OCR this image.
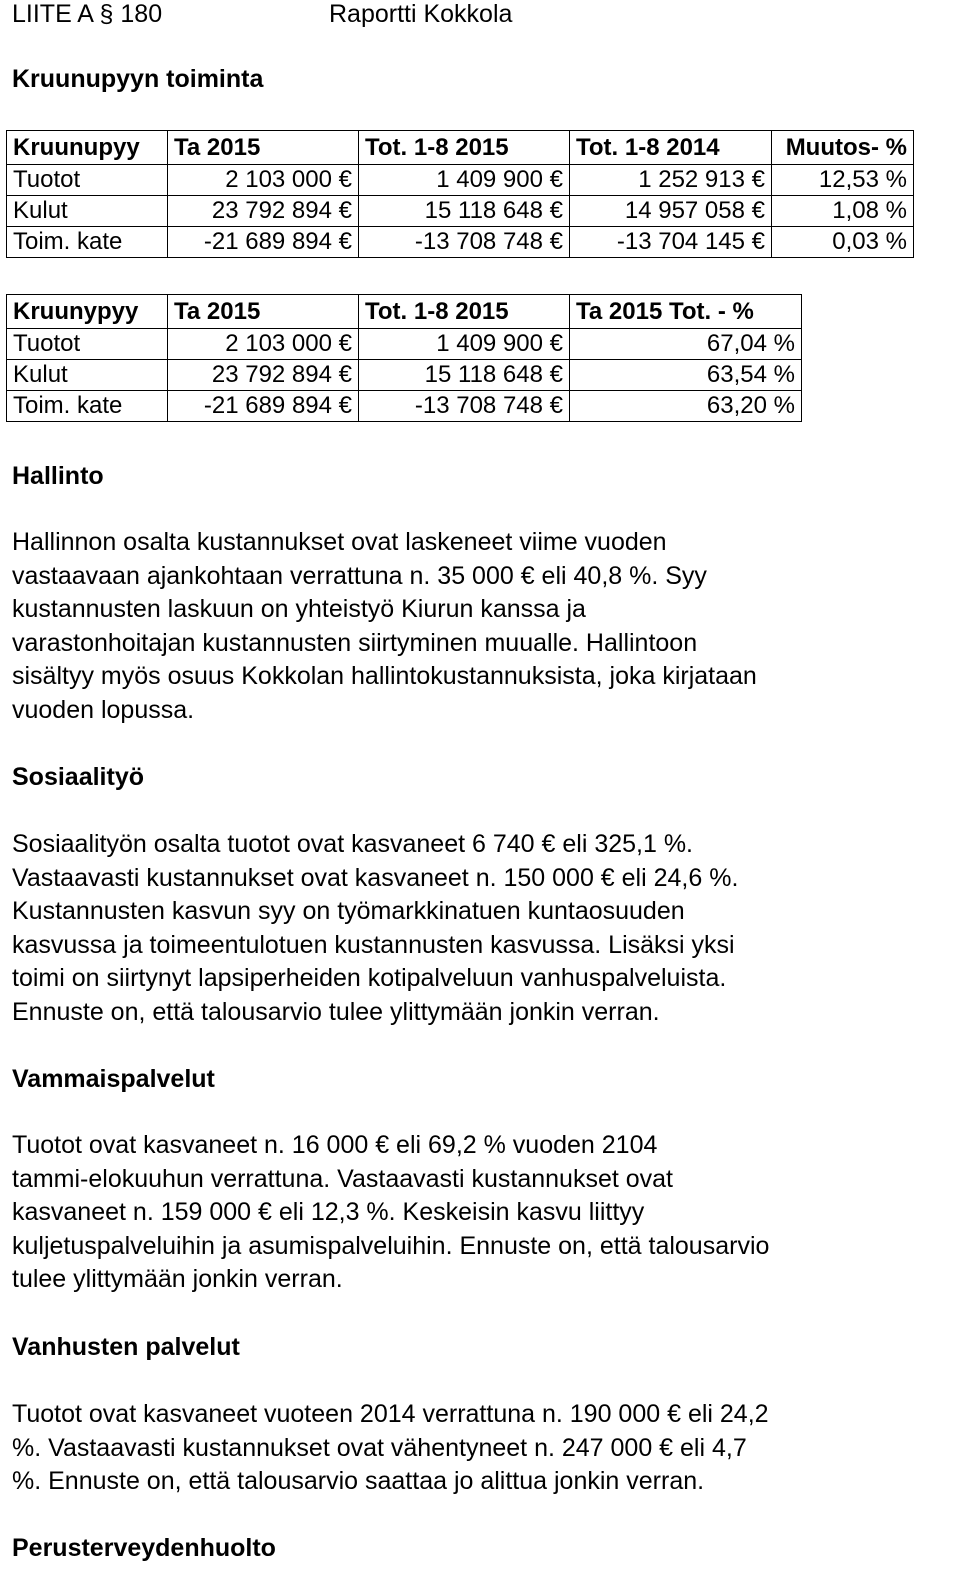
LIITE A § 180	Raportti Kokkola
Kruunupyyn toiminta
Kruunupyy	Ta 2015	Tot. 1-8 2015	Tot. 1-8 2014	Muutos- %
Tuotot	2 103 000 €	1 409 900 €	1 252 913 €	12,53 %
Kulut	23 792 894 €	15 118 648 €	14 957 058 €	1,08 %
Toim. kate	-21 689 894 €	-13 708 748 €	-13 704 145 €	0,03 %
Kruunypyy	Ta 2015	Tot. 1-8 2015	Ta 2015 Tot. - %
Tuotot	2 103 000 €	1 409 900 €	67,04 %
Kulut	23 792 894 €	15 118 648 €	63,54 %
Toim. kate	-21 689 894 €	-13 708 748 €	63,20 %
Hallinto

Hallinnon osalta kustannukset ovat laskeneet viime vuoden

vastaavaan ajankohtaan verrattuna n. 35 000 € eli 40,8 %. Syy

kustannusten laskuun on yhteistyö Kiurun kanssa ja

varastonhoitajan kustannusten siirtyminen muualle. Hallintoon

sisältyy myös osuus Kokkolan hallintokustannuksista, joka kirjataan

vuoden lopussa.

Sosiaalityö

Sosiaalityön osalta tuotot ovat kasvaneet 6 740 € eli 325,1 %.

Vastaavasti kustannukset ovat kasvaneet n. 150 000 € eli 24,6 %.

Kustannusten kasvun syy on työmarkkinatuen kuntaosuuden

kasvussa ja toimeentulotuen kustannusten kasvussa. Lisäksi yksi

toimi on siirtynyt lapsiperheiden kotipalveluun vanhuspalveluista.

Ennuste on, että talousarvio tulee ylittymään jonkin verran.

Vammaispalvelut

Tuotot ovat kasvaneet n. 16 000 € eli 69,2 % vuoden 2104

tammi-elokuuhun verrattuna. Vastaavasti kustannukset ovat

kasvaneet n. 159 000 € eli 12,3 %. Keskeisin kasvu liittyy

kuljetuspalveluihin ja asumispalveluihin. Ennuste on, että talousarvio

tulee ylittymään jonkin verran.

Vanhusten palvelut

Tuotot ovat kasvaneet vuoteen 2014 verrattuna n. 190 000 € eli 24,2

%. Vastaavasti kustannukset ovat vähentyneet n. 247 000 € eli 4,7

%. Ennuste on, että talousarvio saattaa jo alittua jonkin verran.

Perusterveydenhuolto
